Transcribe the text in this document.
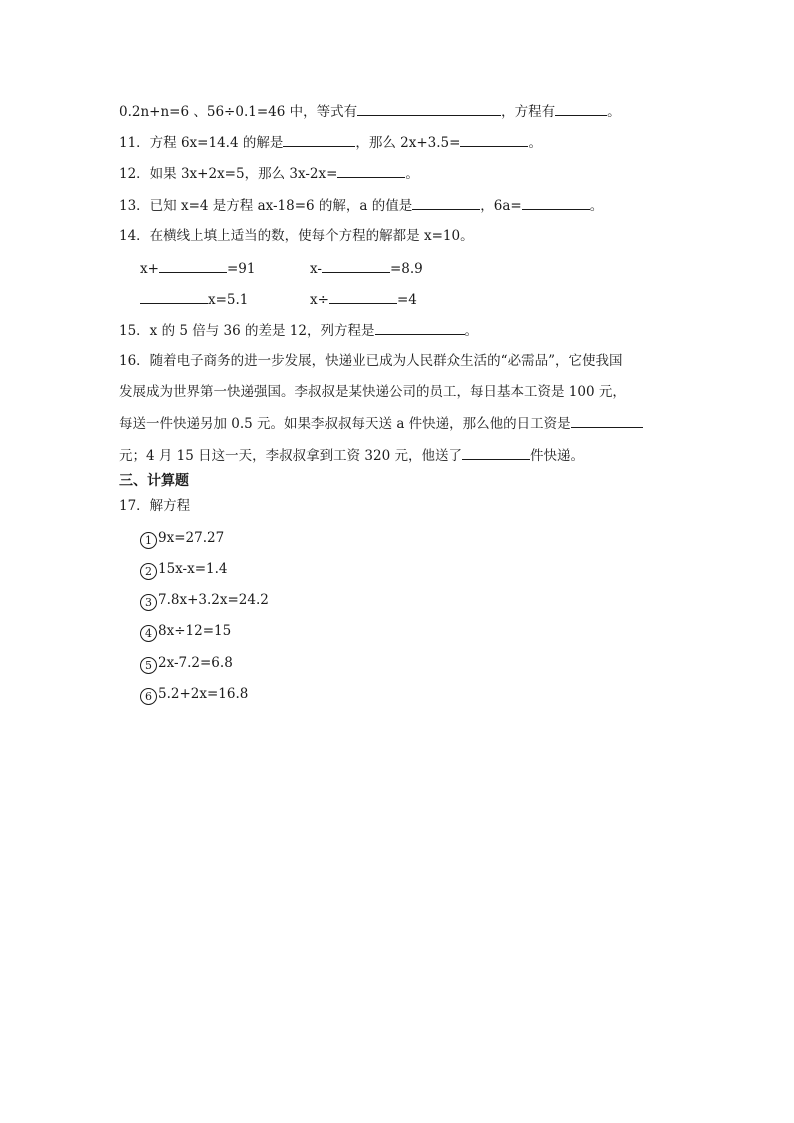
0.2n+n=6 、56÷0.1=46 中，等式有	，方程有	。
11．方程 6x=14.4 的解是	，那么 2x+3.5=	。
12．如果 3x+2x=5，那么 3x-2x=	。
13．已知 x=4 是方程 ax-18=6 的解，a 的值是	，6a=	。
14．在横线上填上适当的数，使每个方程的解都是 x=10。
x+	=91	x-	=8.9
x=5.1	x÷	=4
15．x 的 5 倍与 36 的差是 12，列方程是	。
16．随着电子商务的进一步发展，快递业已成为人民群众生活的“必需品”，它使我国
发展成为世界第一快递强国。李叔叔是某快递公司的员工，每日基本工资是 100 元，
每送一件快递另加 0.5 元。如果李叔叔每天送 a 件快递，那么他的日工资是
元；4 月 15 日这一天，李叔叔拿到工资 320 元，他送了	件快递。
三、计算题
17．解方程
1 9x=27.27
2 15x-x=1.4
3 7.8x+3.2x=24.2
4 8x÷12=15
5 2x-7.2=6.8
6 5.2+2x=16.8
